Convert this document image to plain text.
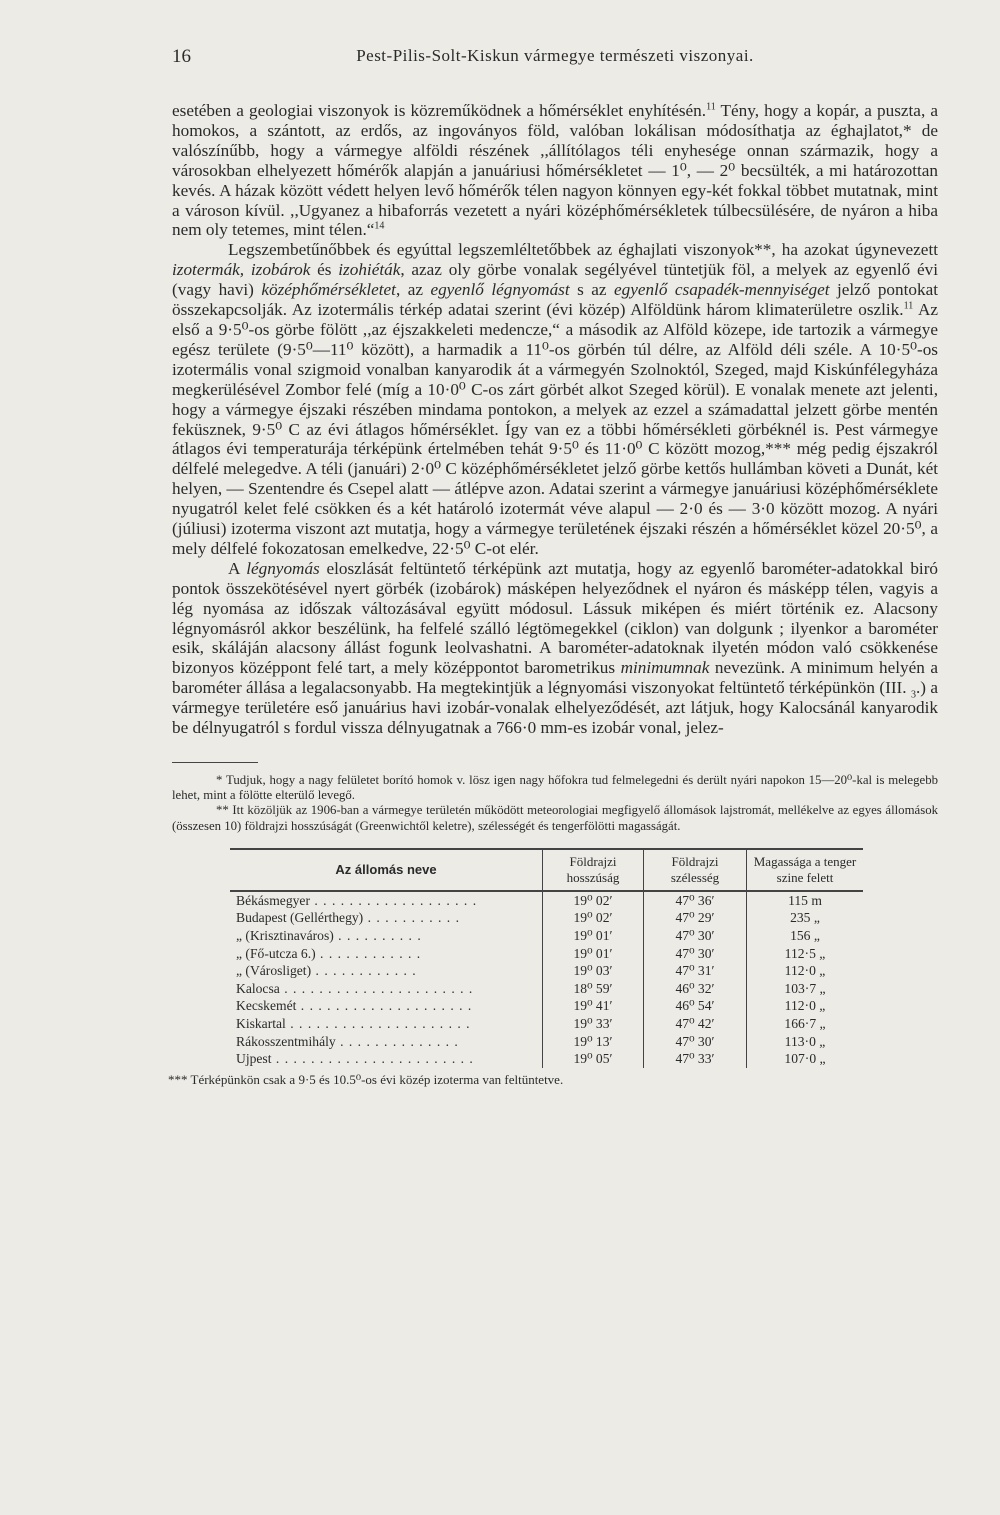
16	Pest-Pilis-Solt-Kiskun vármegye természeti viszonyai.

esetében a geologiai viszonyok is közreműködnek a hőmérséklet enyhítésén.$^{11}$ Tény, hogy a kopár, a puszta, a homokos, a szántott, az erdős, az ingoványos föld, valóban lokálisan módosíthatja az éghajlatot,* de valószínűbb, hogy a vármegye alföldi részének ,,állítólagos téli enyhesége onnan származik, hogy a városokban elhelyezett hőmérők alapján a januáriusi hőmérsékletet — 1⁰, — 2⁰ becsülték, a mi határozottan kevés. A házak között védett helyen levő hőmérők télen nagyon könnyen egy-két fokkal többet mutatnak, mint a városon kívül. ,,Ugyanez a hibaforrás vezetett a nyári középhőmérsékletek túlbecsülésére, de nyáron a hiba nem oly tetemes, mint télen.“$^{14}$

Legszembetűnőbbek és egyúttal legszemléltetőbbek az éghajlati viszonyok**, ha azokat úgynevezett izotermák, izobárok és izohiéták, azaz oly görbe vonalak segélyével tüntetjük föl, a melyek az egyenlő évi (vagy havi) középhőmérsékletet, az egyenlő légnyomást s az egyenlő csapadék-mennyiséget jelző pontokat összekapcsolják. Az izotermális térkép adatai szerint (évi közép) Alföldünk három klimaterületre oszlik.$^{11}$ Az első a 9·5⁰-os görbe fölött ,,az éjszakkeleti medencze,“ a második az Alföld közepe, ide tartozik a vármegye egész területe (9·5⁰—11⁰ között), a harmadik a 11⁰-os görbén túl délre, az Alföld déli széle. A 10·5⁰-os izotermális vonal szigmoid vonalban kanyarodik át a vármegyén Szolnoktól, Szeged, majd Kiskúnfélegyháza megkerülésével Zombor felé (míg a 10·0⁰ C-os zárt görbét alkot Szeged körül). E vonalak menete azt jelenti, hogy a vármegye éjszaki részében mindama pontokon, a melyek az ezzel a számadattal jelzett görbe mentén feküsznek, 9·5⁰ C az évi átlagos hőmérséklet. Így van ez a többi hőmérsékleti görbéknél is. Pest vármegye átlagos évi temperaturája térképünk értelmében tehát 9·5⁰ és 11·0⁰ C között mozog,*** még pedig éjszakról délfelé melegedve. A téli (januári) 2·0⁰ C középhőmérsékletet jelző görbe kettős hullámban követi a Dunát, két helyen, — Szentendre és Csepel alatt — átlépve azon. Adatai szerint a vármegye januáriusi középhőmérséklete nyugatról kelet felé csökken és a két határoló izotermát véve alapul — 2·0 és — 3·0 között mozog. A nyári (júliusi) izoterma viszont azt mutatja, hogy a vármegye területének éjszaki részén a hőmérséklet közel 20·5⁰, a mely délfelé fokozatosan emelkedve, 22·5⁰ C-ot elér.

A légnyomás eloszlását feltüntető térképünk azt mutatja, hogy az egyenlő barométer-adatokkal biró pontok összekötésével nyert görbék (izobárok) másképen helyeződnek el nyáron és másképp télen, vagyis a lég nyomása az időszak változásával együtt módosul. Lássuk miképen és miért történik ez. Alacsony légnyomásról akkor beszélünk, ha felfelé szálló légtömegekkel (ciklon) van dolgunk ; ilyenkor a barométer esik, skáláján alacsony állást fogunk leolvashatni. A barométer-adatoknak ilyetén módon való csökkenése bizonyos középpont felé tart, a mely középpontot barometrikus minimumnak nevezünk. A minimum helyén a barométer állása a legalacsonyabb. Ha megtekintjük a légnyomási viszonyokat feltüntető térképünkön (III. $_3$.) a vármegye területére eső januárius havi izobár-vonalak elhelyeződését, azt látjuk, hogy Kalocsánál kanyarodik be délnyugatról s fordul vissza délnyugatnak a 766·0 mm-es izobár vonal, jelez-

* Tudjuk, hogy a nagy felületet borító homok v. lösz igen nagy hőfokra tud felmelegedni és derült nyári napokon 15—20⁰-kal is melegebb lehet, mint a fölötte elterülő levegő.

** Itt közöljük az 1906-ban a vármegye területén működött meteorologiai megfigyelő állomások lajstromát, mellékelve az egyes állomások (összesen 10) földrajzi hosszúságát (Greenwichtől keletre), szélességét és tengerfölötti magasságát.

Az állomás neve	Földrajzi hosszúság	Földrajzi szélesség	Magassága a tenger szine felett
Békásmegyer . . . . . . . . . . . . . . . . . . .	19⁰ 02′	47⁰ 36′	115 m
Budapest (Gellérthegy) . . . . . . . . . . .	19⁰ 02′	47⁰ 29′	235 „
„ (Krisztinaváros) . . . . . . . . . .	19⁰ 01′	47⁰ 30′	156 „
„ (Fő-utcza 6.) . . . . . . . . . . . .	19⁰ 01′	47⁰ 30′	112·5 „
„ (Városliget) . . . . . . . . . . . .	19⁰ 03′	47⁰ 31′	112·0 „
Kalocsa . . . . . . . . . . . . . . . . . . . . . .	18⁰ 59′	46⁰ 32′	103·7 „
Kecskemét . . . . . . . . . . . . . . . . . . . .	19⁰ 41′	46⁰ 54′	112·0 „
Kiskartal . . . . . . . . . . . . . . . . . . . . .	19⁰ 33′	47⁰ 42′	166·7 „
Rákosszentmihály . . . . . . . . . . . . . .	19⁰ 13′	47⁰ 30′	113·0 „
Ujpest . . . . . . . . . . . . . . . . . . . . . . .	19⁰ 05′	47⁰ 33′	107·0 „
*** Térképünkön csak a 9·5 és 10.5⁰-os évi közép izoterma van feltüntetve.
